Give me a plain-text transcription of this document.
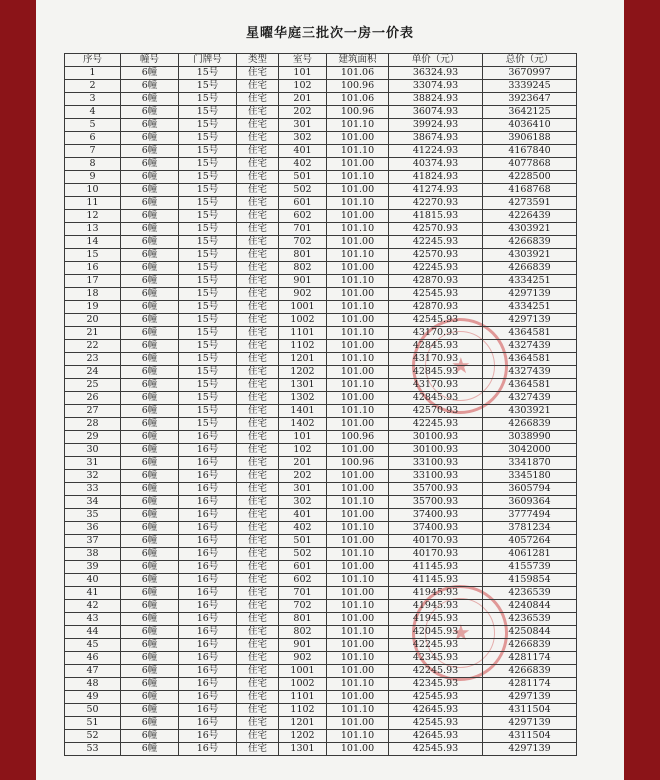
星曜华庭三批次一房一价表
★
★
序号	幢号	门牌号	类型	室号	建筑面积	单价（元）	总价（元）
1	6幢	15号	住宅	101	101.06	36324.93	3670997
2	6幢	15号	住宅	102	100.96	33074.93	3339245
3	6幢	15号	住宅	201	101.06	38824.93	3923647
4	6幢	15号	住宅	202	100.96	36074.93	3642125
5	6幢	15号	住宅	301	101.10	39924.93	4036410
6	6幢	15号	住宅	302	101.00	38674.93	3906188
7	6幢	15号	住宅	401	101.10	41224.93	4167840
8	6幢	15号	住宅	402	101.00	40374.93	4077868
9	6幢	15号	住宅	501	101.10	41824.93	4228500
10	6幢	15号	住宅	502	101.00	41274.93	4168768
11	6幢	15号	住宅	601	101.10	42270.93	4273591
12	6幢	15号	住宅	602	101.00	41815.93	4226439
13	6幢	15号	住宅	701	101.10	42570.93	4303921
14	6幢	15号	住宅	702	101.00	42245.93	4266839
15	6幢	15号	住宅	801	101.10	42570.93	4303921
16	6幢	15号	住宅	802	101.00	42245.93	4266839
17	6幢	15号	住宅	901	101.10	42870.93	4334251
18	6幢	15号	住宅	902	101.00	42545.93	4297139
19	6幢	15号	住宅	1001	101.10	42870.93	4334251
20	6幢	15号	住宅	1002	101.00	42545.93	4297139
21	6幢	15号	住宅	1101	101.10	43170.93	4364581
22	6幢	15号	住宅	1102	101.00	42845.93	4327439
23	6幢	15号	住宅	1201	101.10	43170.93	4364581
24	6幢	15号	住宅	1202	101.00	42845.93	4327439
25	6幢	15号	住宅	1301	101.10	43170.93	4364581
26	6幢	15号	住宅	1302	101.00	42845.93	4327439
27	6幢	15号	住宅	1401	101.10	42570.93	4303921
28	6幢	15号	住宅	1402	101.00	42245.93	4266839
29	6幢	16号	住宅	101	100.96	30100.93	3038990
30	6幢	16号	住宅	102	101.00	30100.93	3042000
31	6幢	16号	住宅	201	100.96	33100.93	3341870
32	6幢	16号	住宅	202	101.00	33100.93	3345180
33	6幢	16号	住宅	301	101.00	35700.93	3605794
34	6幢	16号	住宅	302	101.10	35700.93	3609364
35	6幢	16号	住宅	401	101.00	37400.93	3777494
36	6幢	16号	住宅	402	101.10	37400.93	3781234
37	6幢	16号	住宅	501	101.00	40170.93	4057264
38	6幢	16号	住宅	502	101.10	40170.93	4061281
39	6幢	16号	住宅	601	101.00	41145.93	4155739
40	6幢	16号	住宅	602	101.10	41145.93	4159854
41	6幢	16号	住宅	701	101.00	41945.93	4236539
42	6幢	16号	住宅	702	101.10	41945.93	4240844
43	6幢	16号	住宅	801	101.00	41945.93	4236539
44	6幢	16号	住宅	802	101.10	42045.93	4250844
45	6幢	16号	住宅	901	101.00	42245.93	4266839
46	6幢	16号	住宅	902	101.10	42345.93	4281174
47	6幢	16号	住宅	1001	101.00	42245.93	4266839
48	6幢	16号	住宅	1002	101.10	42345.93	4281174
49	6幢	16号	住宅	1101	101.00	42545.93	4297139
50	6幢	16号	住宅	1102	101.10	42645.93	4311504
51	6幢	16号	住宅	1201	101.00	42545.93	4297139
52	6幢	16号	住宅	1202	101.10	42645.93	4311504
53	6幢	16号	住宅	1301	101.00	42545.93	4297139
